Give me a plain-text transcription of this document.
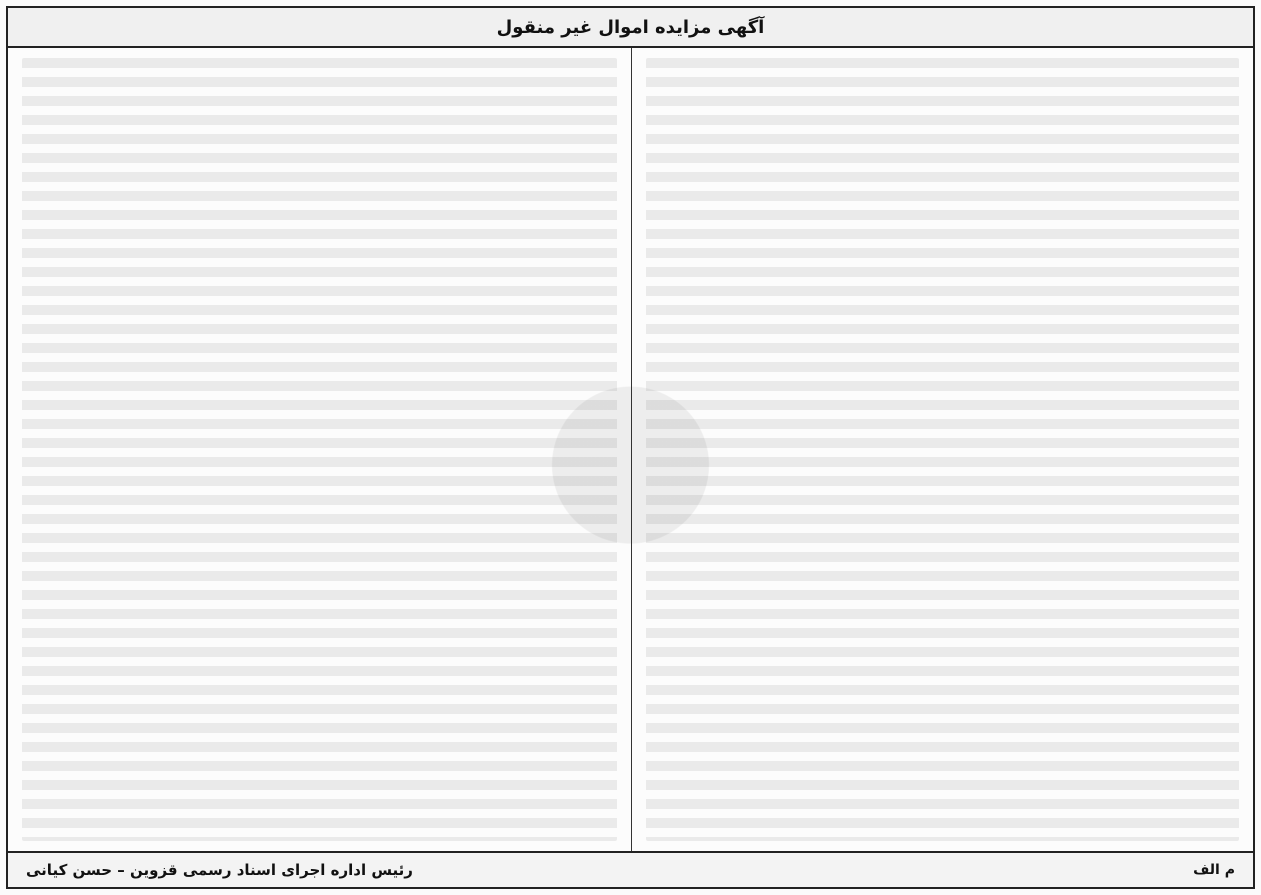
آگهی مزایده اموال غیر منقول
م الف
رئیس اداره اجرای اسناد رسمی قزوین – حسن کیانی
